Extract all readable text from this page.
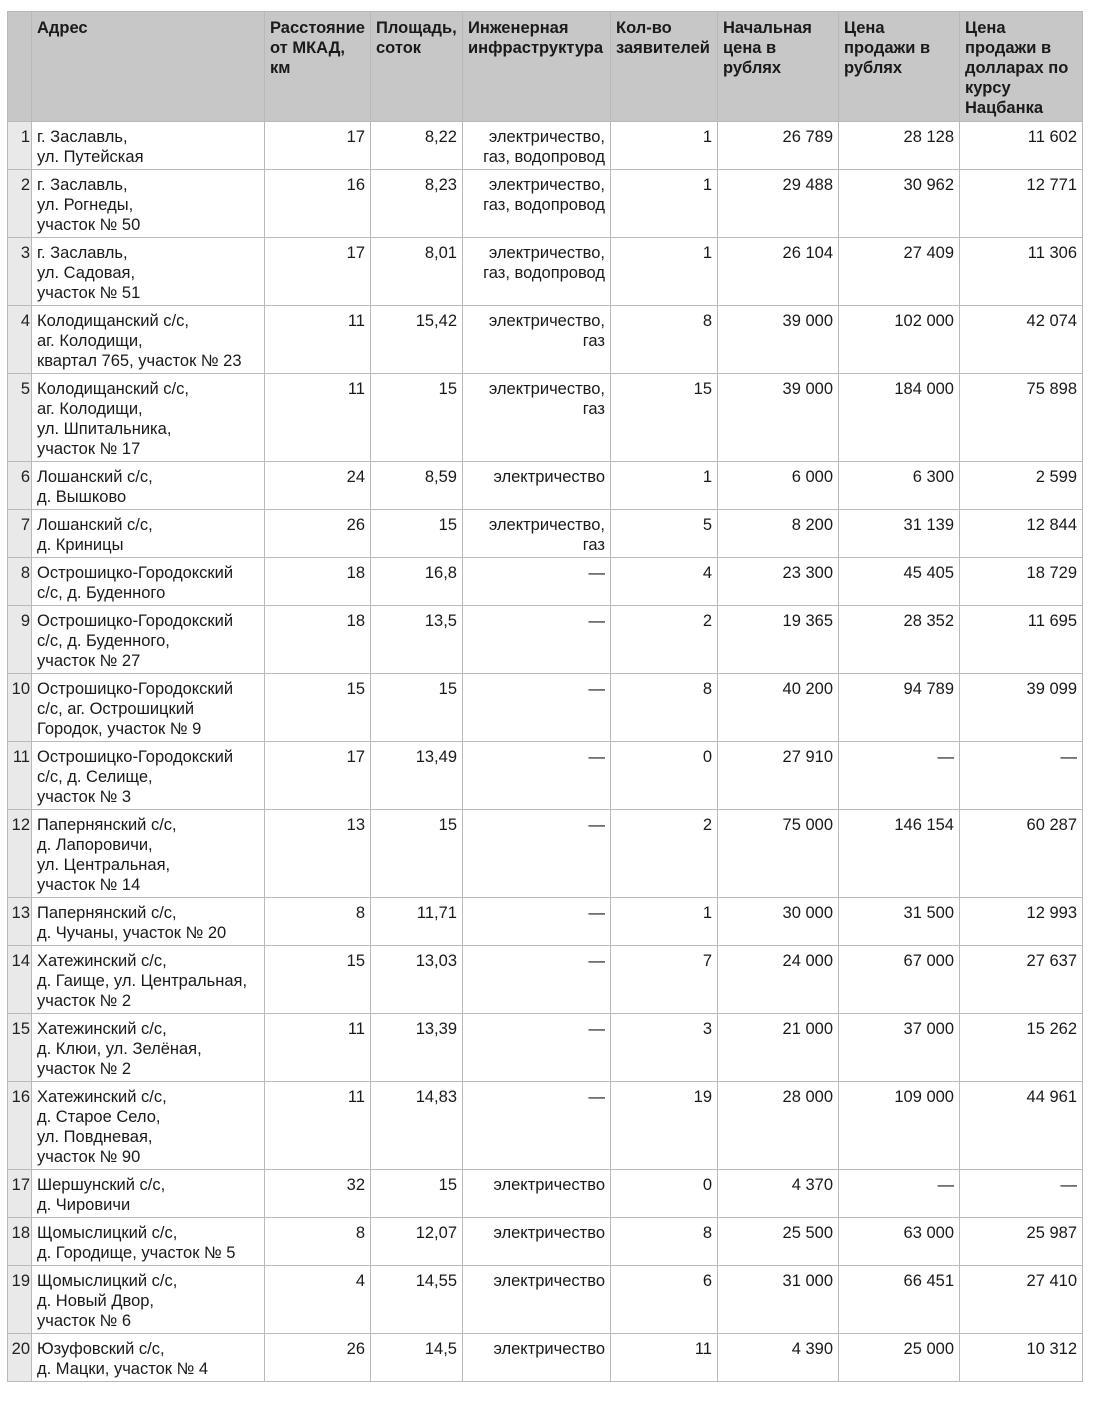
	Адрес	Расстояние от МКАД, км	Площадь, соток	Инженерная инфраструктура	Кол-во заявителей	Начальная цена в рублях	Цена продажи в рублях	Цена продажи в долларах по курсу Нацбанка
1	г. Заславль,
ул. Путейская	17	8,22	электричество,
газ, водопровод	1	26 789	28 128	11 602
2	г. Заславль,
ул. Рогнеды,
участок № 50	16	8,23	электричество,
газ, водопровод	1	29 488	30 962	12 771
3	г. Заславль,
ул. Садовая,
участок № 51	17	8,01	электричество,
газ, водопровод	1	26 104	27 409	11 306
4	Колодищанский с/с,
аг. Колодищи,
квартал 765, участок № 23	11	15,42	электричество,
газ	8	39 000	102 000	42 074
5	Колодищанский с/с,
аг. Колодищи,
ул. Шпитальника,
участок № 17	11	15	электричество,
газ	15	39 000	184 000	75 898
6	Лошанский с/с,
д. Вышково	24	8,59	электричество	1	6 000	6 300	2 599
7	Лошанский с/с,
д. Криницы	26	15	электричество,
газ	5	8 200	31 139	12 844
8	Острошицко-Городокский
с/с, д. Буденного	18	16,8	—	4	23 300	45 405	18 729
9	Острошицко-Городокский
с/с, д. Буденного,
участок № 27	18	13,5	—	2	19 365	28 352	11 695
10	Острошицко-Городокский
с/с, аг. Острошицкий
Городок, участок № 9	15	15	—	8	40 200	94 789	39 099
11	Острошицко-Городокский
с/с, д. Селище,
участок № 3	17	13,49	—	0	27 910	—	—
12	Папернянский с/с,
д. Лапоровичи,
ул. Центральная,
участок № 14	13	15	—	2	75 000	146 154	60 287
13	Папернянский с/с,
д. Чучаны, участок № 20	8	11,71	—	1	30 000	31 500	12 993
14	Хатежинский с/с,
д. Гаище, ул. Центральная,
участок № 2	15	13,03	—	7	24 000	67 000	27 637
15	Хатежинский с/с,
д. Клюи, ул. Зелёная,
участок № 2	11	13,39	—	3	21 000	37 000	15 262
16	Хатежинский с/с,
д. Старое Село,
ул. Повдневая,
участок № 90	11	14,83	—	19	28 000	109 000	44 961
17	Шершунский с/с,
д. Чировичи	32	15	электричество	0	4 370	—	—
18	Щомыслицкий с/с,
д. Городище, участок № 5	8	12,07	электричество	8	25 500	63 000	25 987
19	Щомыслицкий с/с,
д. Новый Двор,
участок № 6	4	14,55	электричество	6	31 000	66 451	27 410
20	Юзуфовский с/с,
д. Мацки, участок № 4	26	14,5	электричество	11	4 390	25 000	10 312
